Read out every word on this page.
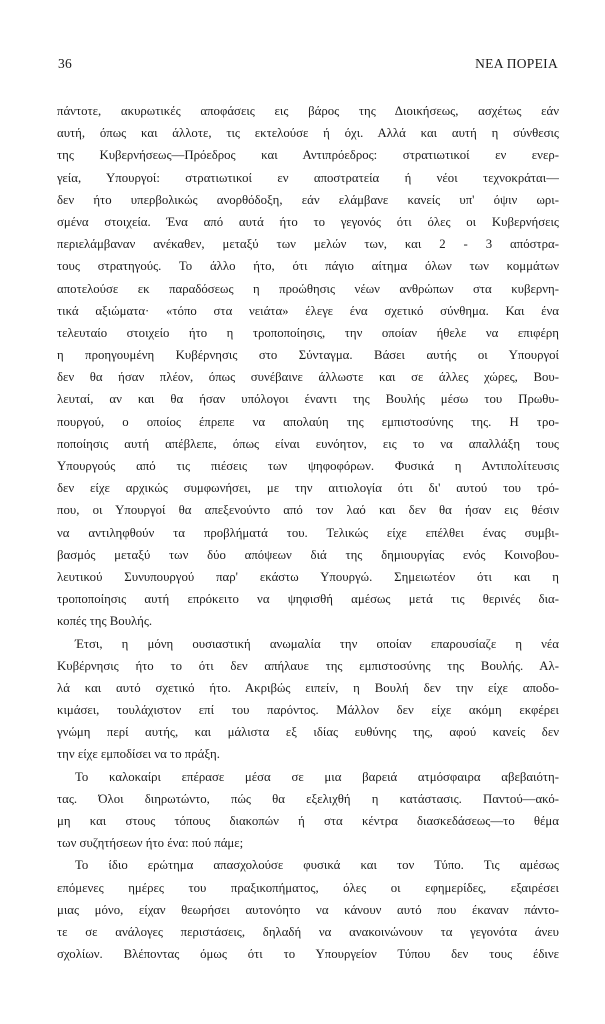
36	ΝΕΑ ΠΟΡΕΙΑ
πάντοτε, ακυρωτικές αποφάσεις εις βάρος της Διοικήσεως, ασχέτως εάν
αυτή, όπως και άλλοτε, τις εκτελούσε ή όχι. Αλλά και αυτή η σύνθεσις
της Κυβερνήσεως—Πρόεδρος και Αντιπρόεδρος: στρατιωτικοί εν ενερ-
γεία, Υπουργοί: στρατιωτικοί εν αποστρατεία ή νέοι τεχνοκράται—
δεν ήτο υπερβολικώς ανορθόδοξη, εάν ελάμβανε κανείς υπ' όψιν ωρι-
σμένα στοιχεία. Ένα από αυτά ήτο το γεγονός ότι όλες οι Κυβερνήσεις
περιελάμβαναν ανέκαθεν, μεταξύ των μελών των, και 2 - 3 απόστρα-
τους στρατηγούς. Το άλλο ήτο, ότι πάγιο αίτημα όλων των κομμάτων
αποτελούσε εκ παραδόσεως η προώθησις νέων ανθρώπων στα κυβερνη-
τικά αξιώματα· «τόπο στα νειάτα» έλεγε ένα σχετικό σύνθημα. Και ένα
τελευταίο στοιχείο ήτο η τροποποίησις, την οποίαν ήθελε να επιφέρη
η προηγουμένη Κυβέρνησις στο Σύνταγμα. Βάσει αυτής οι Υπουργοί
δεν θα ήσαν πλέον, όπως συνέβαινε άλλωστε και σε άλλες χώρες, Βου-
λευταί, αν και θα ήσαν υπόλογοι έναντι της Βουλής μέσω του Πρωθυ-
πουργού, ο οποίος έπρεπε να απολαύη της εμπιστοσύνης της. Η τρο-
ποποίησις αυτή απέβλεπε, όπως είναι ευνόητον, εις το να απαλλάξη τους
Υπουργούς από τις πιέσεις των ψηφοφόρων. Φυσικά η Αντιπολίτευσις
δεν είχε αρχικώς συμφωνήσει, με την αιτιολογία ότι δι' αυτού του τρό-
που, οι Υπουργοί θα απεξενούντο από τον λαό και δεν θα ήσαν εις θέσιν
να αντιληφθούν τα προβλήματά του. Τελικώς είχε επέλθει ένας συμβι-
βασμός μεταξύ των δύο απόψεων διά της δημιουργίας ενός Κοινοβου-
λευτικού Συνυπουργού παρ' εκάστω Υπουργώ. Σημειωτέον ότι και η
τροποποίησις αυτή επρόκειτο να ψηφισθή αμέσως μετά τις θερινές δια-
κοπές της Βουλής.
Έτσι, η μόνη ουσιαστική ανωμαλία την οποίαν επαρουσίαζε η νέα
Κυβέρνησις ήτο το ότι δεν απήλαυε της εμπιστοσύνης της Βουλής. Αλ-
λά και αυτό σχετικό ήτο. Ακριβώς ειπείν, η Βουλή δεν την είχε αποδο-
κιμάσει, τουλάχιστον επί του παρόντος. Μάλλον δεν είχε ακόμη εκφέρει
γνώμη περί αυτής, και μάλιστα εξ ιδίας ευθύνης της, αφού κανείς δεν
την είχε εμποδίσει να το πράξη.
Το καλοκαίρι επέρασε μέσα σε μια βαρειά ατμόσφαιρα αβεβαιότη-
τας. Όλοι διηρωτώντο, πώς θα εξελιχθή η κατάστασις. Παντού—ακό-
μη και στους τόπους διακοπών ή στα κέντρα διασκεδάσεως—το θέμα
των συζητήσεων ήτο ένα: πού πάμε;
Το ίδιο ερώτημα απασχολούσε φυσικά και τον Τύπο. Τις αμέσως
επόμενες ημέρες του πραξικοπήματος, όλες οι εφημερίδες, εξαιρέσει
μιας μόνο, είχαν θεωρήσει αυτονόητο να κάνουν αυτό που έκαναν πάντο-
τε σε ανάλογες περιστάσεις, δηλαδή να ανακοινώνουν τα γεγονότα άνευ
σχολίων. Βλέποντας όμως ότι το Υπουργείον Τύπου δεν τους έδινε
